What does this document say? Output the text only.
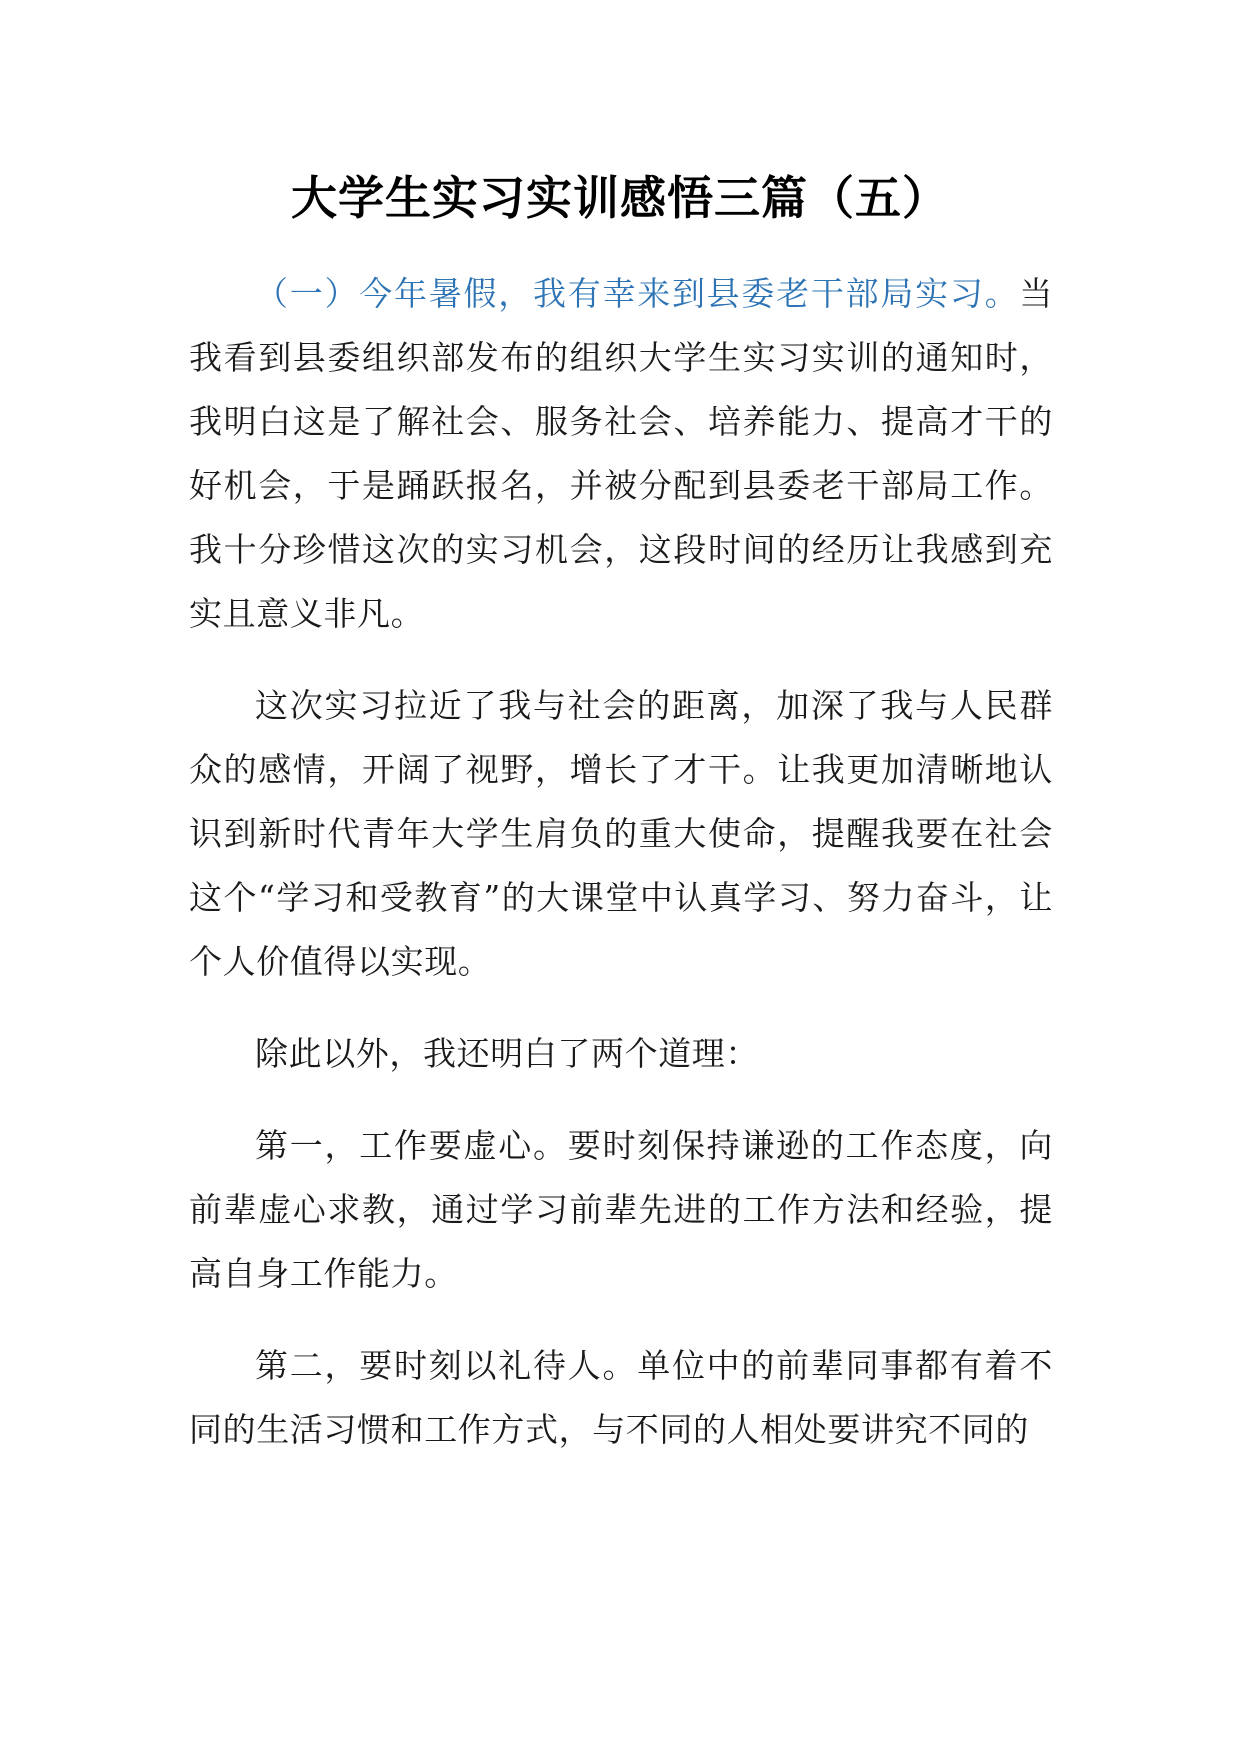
大学生实习实训感悟三篇（五）

（一）今年暑假，我有幸来到县委老干部局实习。当我看到县委组织部发布的组织大学生实习实训的通知时，我明白这是了解社会、服务社会、培养能力、提高才干的好机会，于是踊跃报名，并被分配到县委老干部局工作。我十分珍惜这次的实习机会，这段时间的经历让我感到充实且意义非凡。

这次实习拉近了我与社会的距离，加深了我与人民群众的感情，开阔了视野，增长了才干。让我更加清晰地认识到新时代青年大学生肩负的重大使命，提醒我要在社会这个“学习和受教育”的大课堂中认真学习、努力奋斗，让个人价值得以实现。

除此以外，我还明白了两个道理：

第一，工作要虚心。要时刻保持谦逊的工作态度，向前辈虚心求教，通过学习前辈先进的工作方法和经验，提高自身工作能力。

第二，要时刻以礼待人。单位中的前辈同事都有着不同的生活习惯和工作方式，与不同的人相处要讲究不同的
